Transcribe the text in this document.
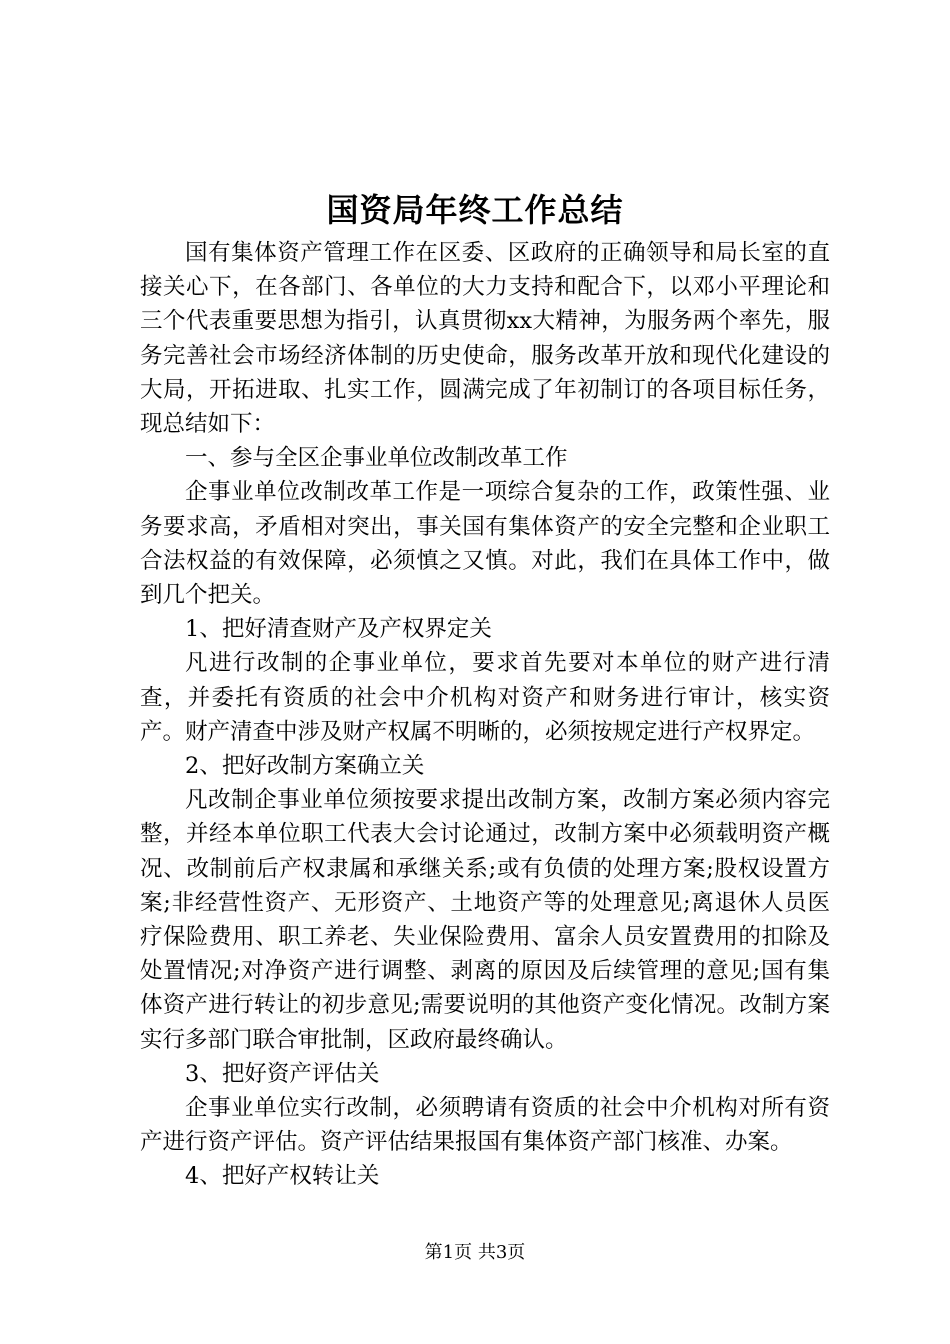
国资局年终工作总结

国有集体资产管理工作在区委、区政府的正确领导和局长室的直接关心下，在各部门、各单位的大力支持和配合下，以邓小平理论和三个代表重要思想为指引，认真贯彻xx大精神，为服务两个率先，服务完善社会市场经济体制的历史使命，服务改革开放和现代化建设的大局，开拓进取、扎实工作，圆满完成了年初制订的各项目标任务，现总结如下：

一、参与全区企事业单位改制改革工作

企事业单位改制改革工作是一项综合复杂的工作，政策性强、业务要求高，矛盾相对突出，事关国有集体资产的安全完整和企业职工合法权益的有效保障，必须慎之又慎。对此，我们在具体工作中，做到几个把关。

1、把好清查财产及产权界定关

凡进行改制的企事业单位，要求首先要对本单位的财产进行清查，并委托有资质的社会中介机构对资产和财务进行审计，核实资产。财产清查中涉及财产权属不明晰的，必须按规定进行产权界定。

2、把好改制方案确立关

凡改制企事业单位须按要求提出改制方案，改制方案必须内容完整，并经本单位职工代表大会讨论通过，改制方案中必须载明资产概况、改制前后产权隶属和承继关系;或有负债的处理方案;股权设置方案;非经营性资产、无形资产、土地资产等的处理意见;离退休人员医疗保险费用、职工养老、失业保险费用、富余人员安置费用的扣除及处置情况;对净资产进行调整、剥离的原因及后续管理的意见;国有集体资产进行转让的初步意见;需要说明的其他资产变化情况。改制方案实行多部门联合审批制，区政府最终确认。

3、把好资产评估关

企事业单位实行改制，必须聘请有资质的社会中介机构对所有资产进行资产评估。资产评估结果报国有集体资产部门核准、办案。

4、把好产权转让关

第1页 共3页
